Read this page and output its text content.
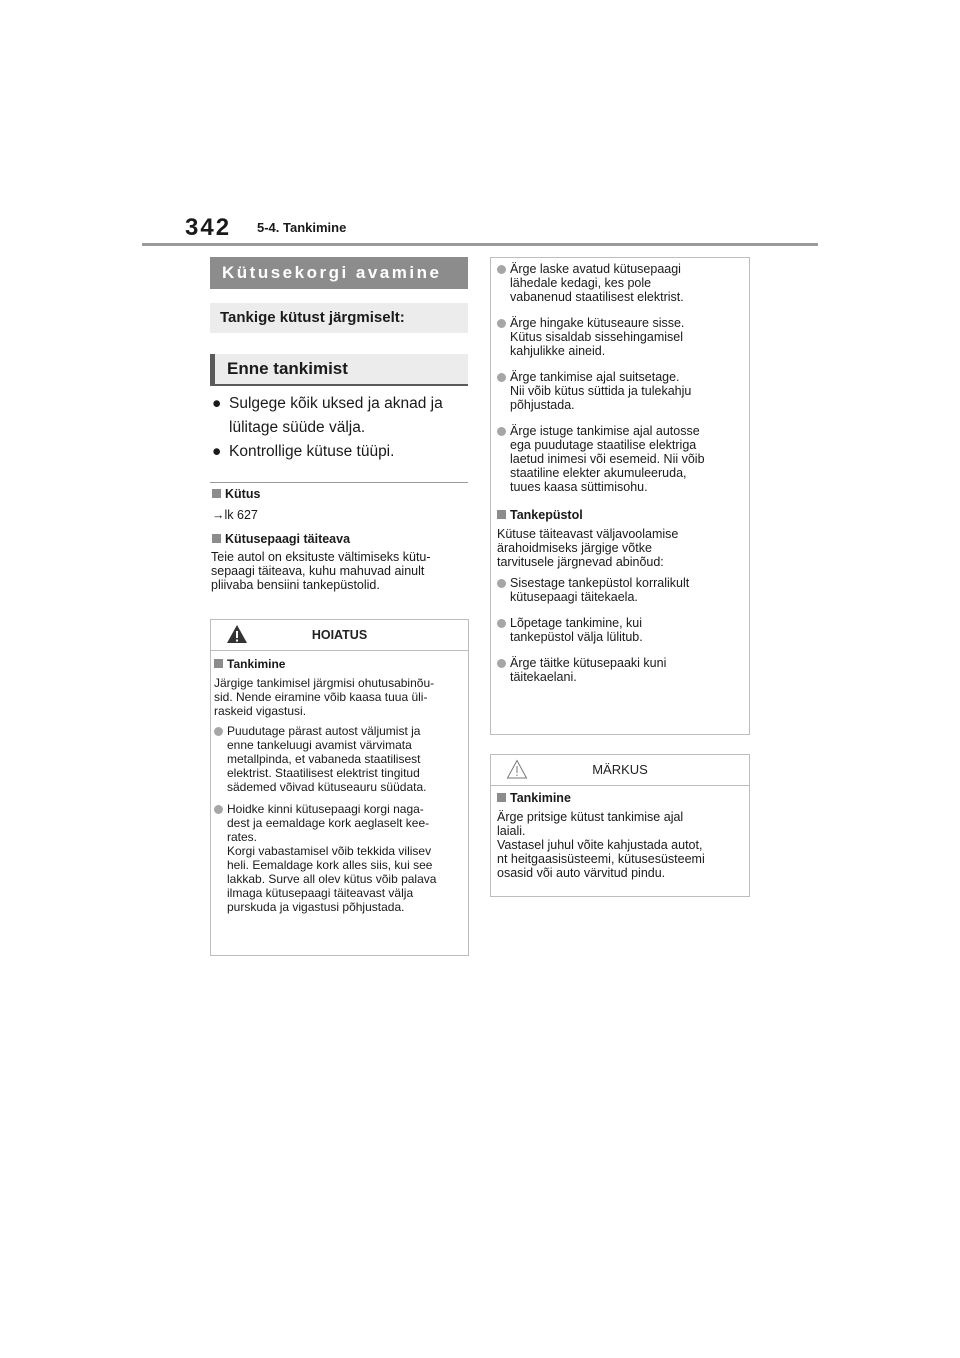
342 5-4. Tankimine
Kütusekorgi avamine
Tankige kütust järgmiselt:
Enne tankimist
● Sulgege kõik uksed ja aknad ja lülitage süüde välja.
● Kontrollige kütuse tüüpi.
Kütus
→lk 627
Kütusepaagi täiteava
Teie autol on eksituste vältimiseks kütu-
sepaagi täiteava, kuhu mahuvad ainult
pliivaba bensiini tankepüstolid.
HOIATUS
Tankimine
Järgige tankimisel järgmisi ohutusabinõu-
sid. Nende eiramine võib kaasa tuua üli-
raskeid vigastusi.
Puudutage pärast autost väljumist ja
enne tankeluugi avamist värvimata
metallpinda, et vabaneda staatilisest
elektrist. Staatilisest elektrist tingitud
sädemed võivad kütuseauru süüdata.
Hoidke kinni kütusepaagi korgi naga-
dest ja eemaldage kork aeglaselt kee-
rates.
Korgi vabastamisel võib tekkida vilisev
heli. Eemaldage kork alles siis, kui see
lakkab. Surve all olev kütus võib palava
ilmaga kütusepaagi täiteavast välja
purskuda ja vigastusi põhjustada.
Ärge laske avatud kütusepaagi
lähedale kedagi, kes pole
vabanenud staatilisest elektrist.
Ärge hingake kütuseaure sisse.
Kütus sisaldab sissehingamisel
kahjulikke aineid.
Ärge tankimise ajal suitsetage.
Nii võib kütus süttida ja tulekahju
põhjustada.
Ärge istuge tankimise ajal autosse
ega puudutage staatilise elektriga
laetud inimesi või esemeid. Nii võib
staatiline elekter akumuleeruda,
tuues kaasa süttimisohu.
Tankepüstol
Kütuse täiteavast väljavoolamise
ärahoidmiseks järgige võtke
tarvitusele järgnevad abinõud:
Sisestage tankepüstol korralikult
kütusepaagi täitekaela.
Lõpetage tankimine, kui
tankepüstol välja lülitub.
Ärge täitke kütusepaaki kuni
täitekaelani.
MÄRKUS
Tankimine
Ärge pritsige kütust tankimise ajal
laiali.
Vastasel juhul võite kahjustada autot,
nt heitgaasisüsteemi, kütusesüsteemi
osasid või auto värvitud pindu.
